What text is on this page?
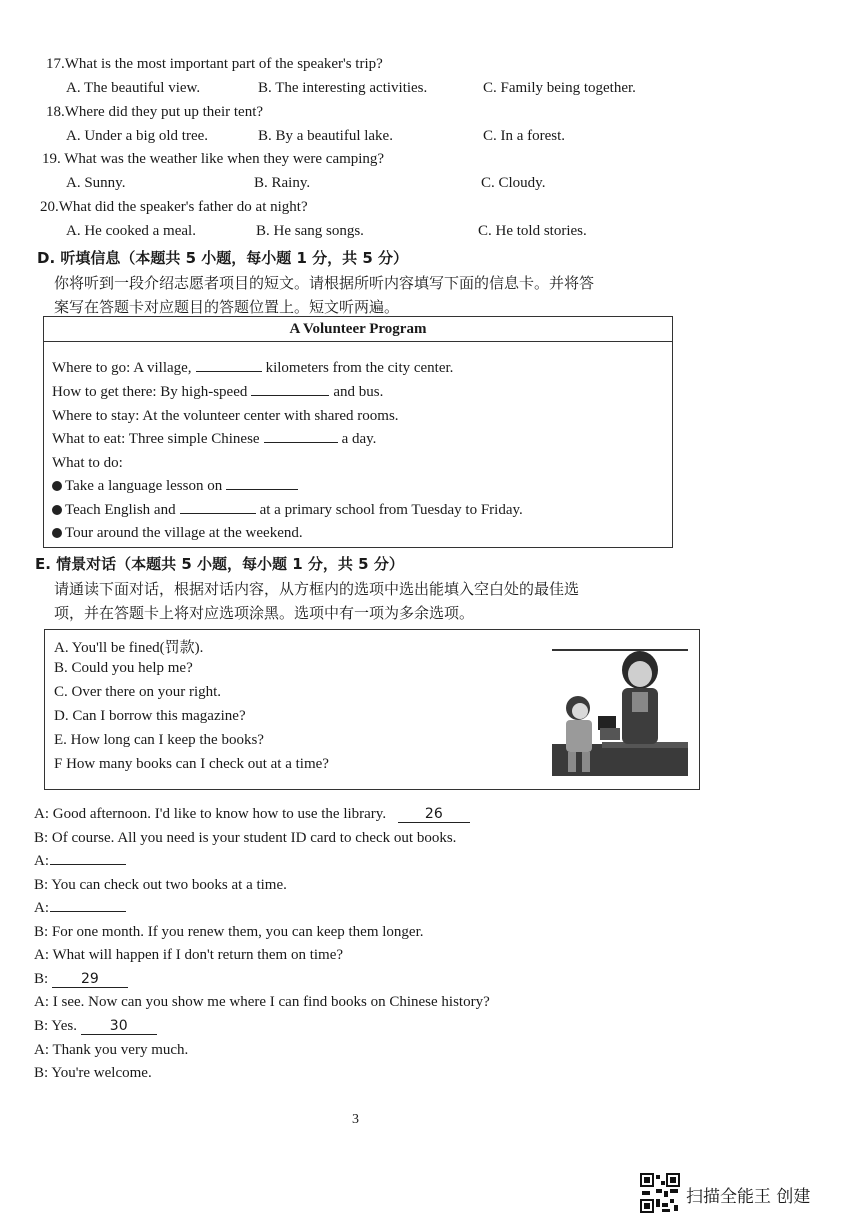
17.What is the most important part of the speaker's trip?
A. The beautiful view.	B. The interesting activities.	C. Family being together.
18.Where did they put up their tent?
A. Under a big old tree.	B. By a beautiful lake.	C. In a forest.
19. What was the weather like when they were camping?
A. Sunny.	B. Rainy.	C. Cloudy.
20.What did the speaker's father do at night?
A. He cooked a meal.	B. He sang songs.	C. He told stories.
D. 听填信息（本题共 5 小题，每小题 1 分，共 5 分）
你将听到一段介绍志愿者项目的短文。请根据所听内容填写下面的信息卡。并将答
案写在答题卡对应题目的答题位置上。短文听两遍。
A Volunteer Program
Where to go: A village,	kilometers from the city center.
How to get there: By high-speed	and bus.
Where to stay: At the volunteer center with shared rooms.
What to eat: Three simple Chinese	a day.
What to do:
Take a language lesson on
Teach English and	at a primary school from Tuesday to Friday.
Tour around the village at the weekend.
E. 情景对话（本题共 5 小题，每小题 1 分，共 5 分）
请通读下面对话，根据对话内容，从方框内的选项中选出能填入空白处的最佳选
项，并在答题卡上将对应选项涂黑。选项中有一项为多余选项。
A. You'll be fined(罚款).
B. Could you help me?
C. Over there on your right.
D. Can I borrow this magazine?
E. How long can I keep the books?
F How many books can I check out at a time?
A: Good afternoon. I'd like to know how to use the library.	26
B: Of course. All you need is your student ID card to check out books.
A:
B: You can check out two books at a time.
A:
B: For one month. If you renew them, you can keep them longer.
A: What will happen if I don't return them on time?
B: 29
A: I see. Now can you show me where I can find books on Chinese history?
B: Yes. 30
A: Thank you very much.
B: You're welcome.
3
扫描全能王 创建
